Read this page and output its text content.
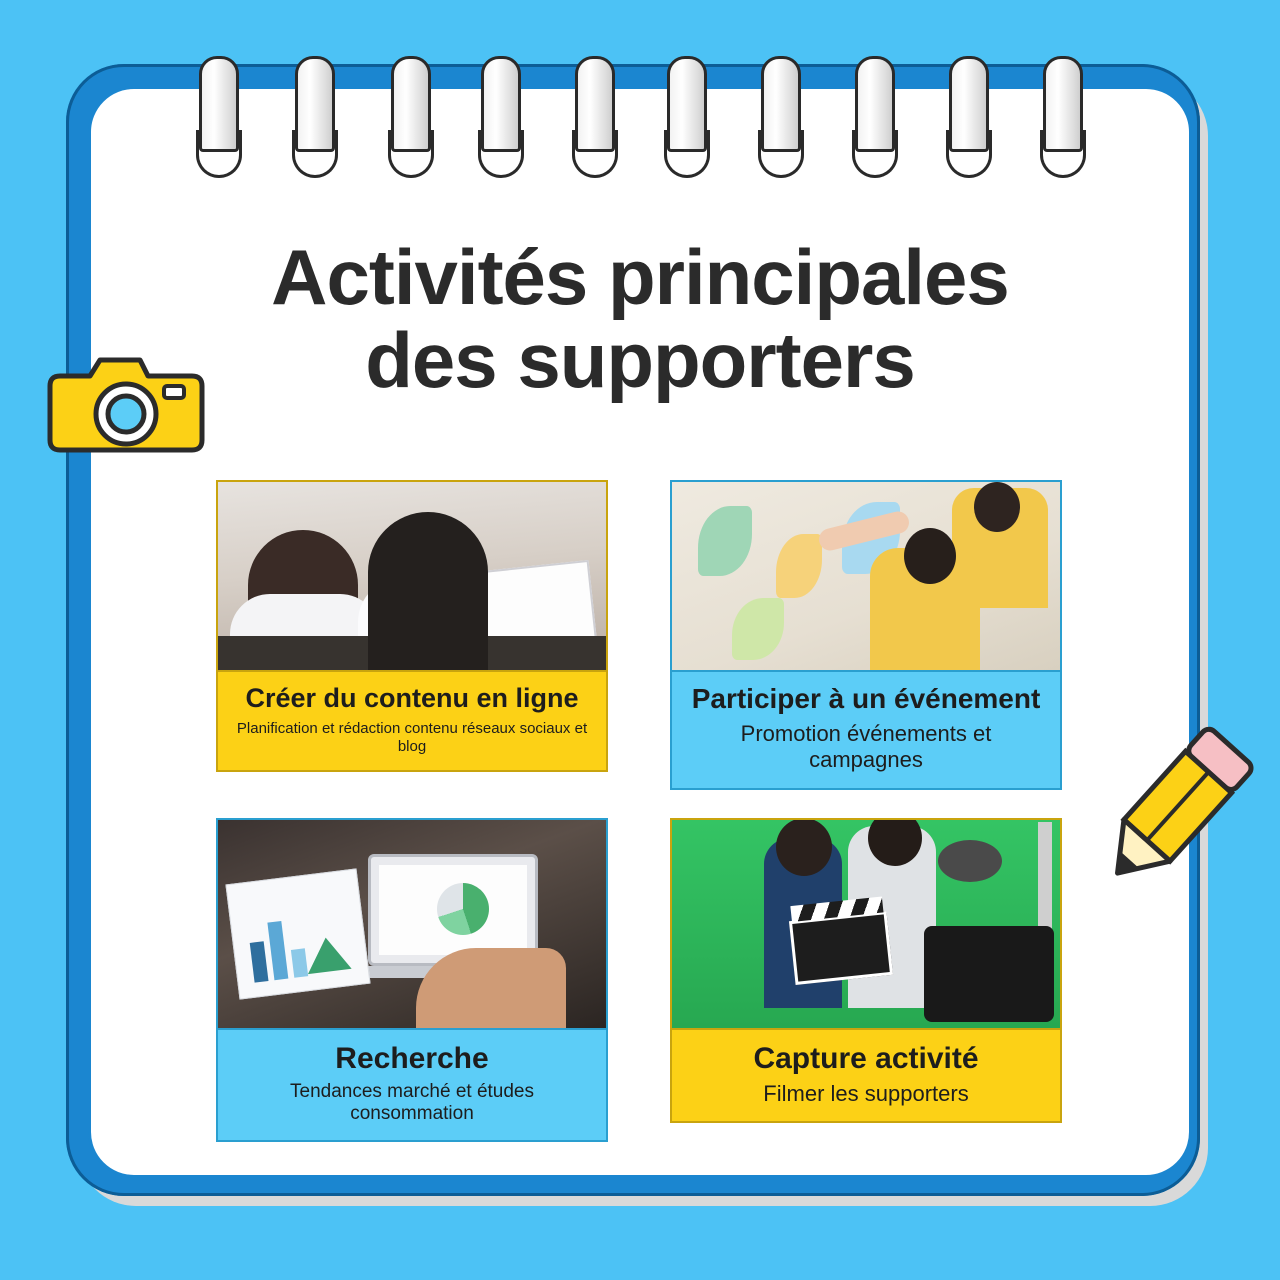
Activités principales
des supporters
Créer du contenu en ligne
Planification et rédaction contenu réseaux sociaux et blog
Participer à un événement
Promotion événements et campagnes
Recherche
Tendances marché et études consommation
Capture activité
Filmer les supporters
